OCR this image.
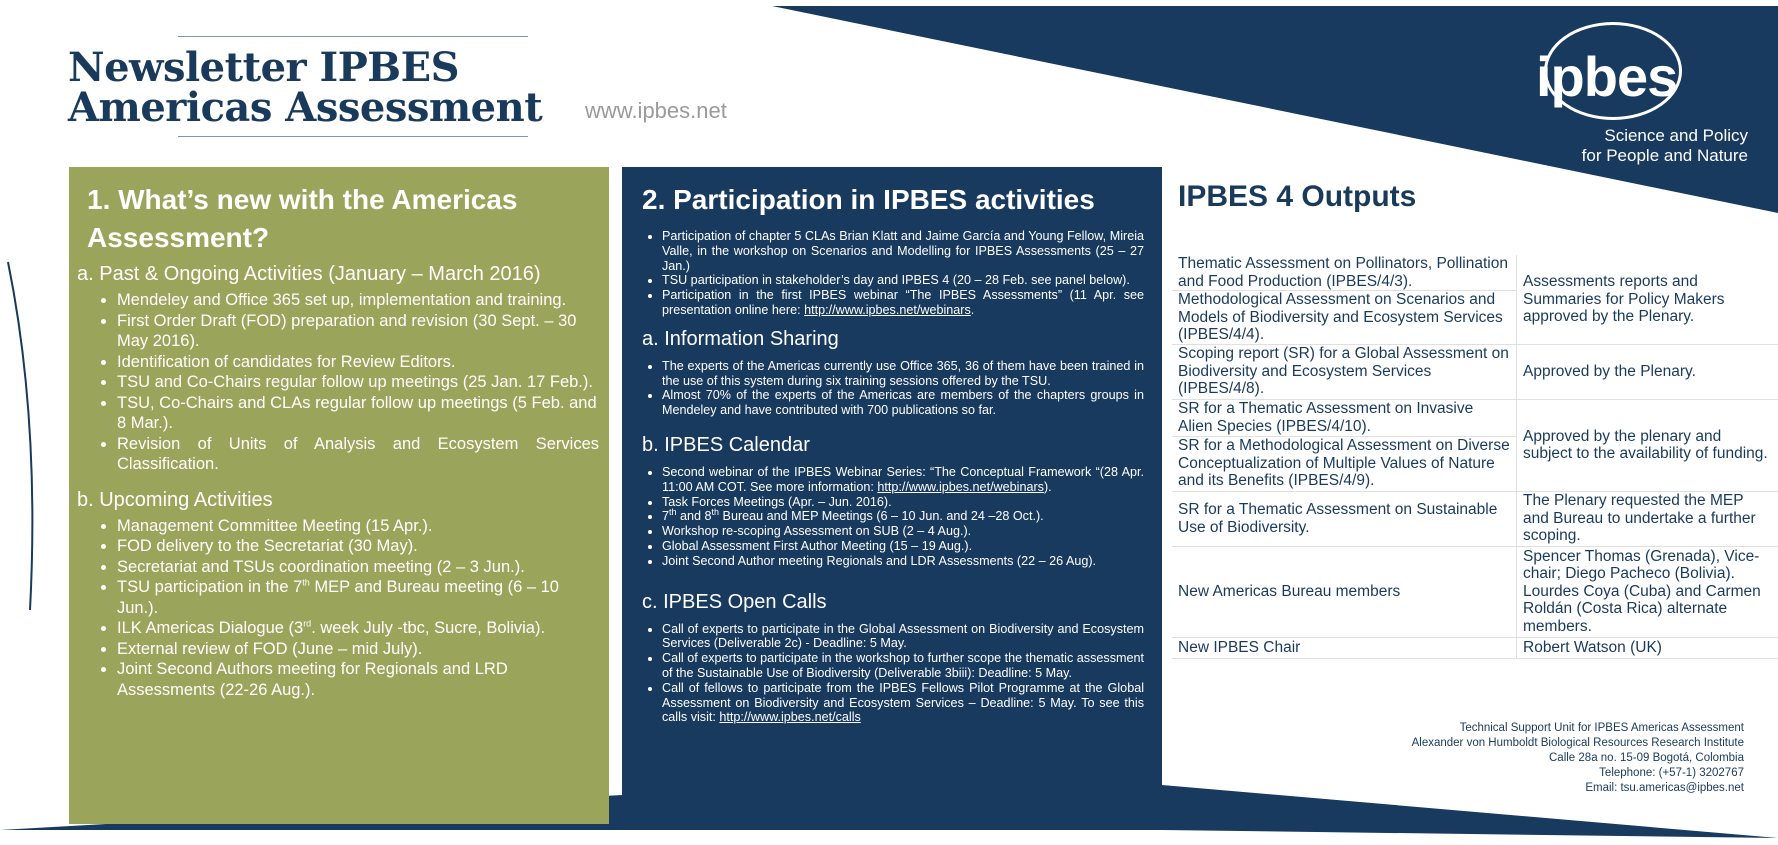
Newsletter IPBES
Americas Assessment www.ipbes.net
ipbes
Science and Policy
for People and Nature
1. What’s new with the Americas Assessment?

a. Past & Ongoing Activities (January – March 2016)

• Mendeley and Office 365 set up, implementation and training.
• First Order Draft (FOD) preparation and revision (30 Sept. – 30 May 2016).
• Identification of candidates for Review Editors.
• TSU and Co-Chairs regular follow up meetings (25 Jan. 17 Feb.).
• TSU, Co-Chairs and CLAs regular follow up meetings (5 Feb. and 8 Mar.).
• Revision of Units of Analysis and Ecosystem Services Classification.

b. Upcoming Activities

• Management Committee Meeting (15 Apr.).
• FOD delivery to the Secretariat (30 May).
• Secretariat and TSUs coordination meeting (2 – 3 Jun.).
• TSU participation in the 7th MEP and Bureau meeting (6 – 10 Jun.).
• ILK Americas Dialogue (3rd. week July -tbc, Sucre, Bolivia).
• External review of FOD (June – mid July).
• Joint Second Authors meeting for Regionals and LRD Assessments (22-26 Aug.).
2. Participation in IPBES activities
• Participation of chapter 5 CLAs Brian Klatt and Jaime García and Young Fellow, Mireia Valle, in the workshop on Scenarios and Modelling for IPBES Assessments (25 – 27 Jan.)
• TSU participation in stakeholder’s day and IPBES 4 (20 – 28 Feb. see panel below).
• Participation in the first IPBES webinar “The IPBES Assessments” (11 Apr. see presentation online here: http://www.ipbes.net/webinars.

a. Information Sharing

• The experts of the Americas currently use Office 365, 36 of them have been trained in the use of this system during six training sessions offered by the TSU.
• Almost 70% of the experts of the Americas are members of the chapters groups in Mendeley and have contributed with 700 publications so far.

b. IPBES Calendar

• Second webinar of the IPBES Webinar Series: “The Conceptual Framework “(28 Apr. 11:00 AM COT. See more information: http://www.ipbes.net/webinars).
• Task Forces Meetings (Apr. – Jun. 2016).
• 7th and 8th Bureau and MEP Meetings (6 – 10 Jun. and 24 –28 Oct.).
• Workshop re-scoping Assessment on SUB (2 – 4 Aug.).
• Global Assessment First Author Meeting (15 – 19 Aug.).
• Joint Second Author meeting Regionals and LDR Assessments (22 – 26 Aug).

c. IPBES Open Calls

• Call of experts to participate in the Global Assessment on Biodiversity and Ecosystem Services (Deliverable 2c) - Deadline: 5 May.
• Call of experts to participate in the workshop to further scope the thematic assessment of the Sustainable Use of Biodiversity (Deliverable 3biii): Deadline: 5 May.
• Call of fellows to participate from the IPBES Fellows Pilot Programme at the Global Assessment on Biodiversity and Ecosystem Services – Deadline: 5 May. To see this calls visit: http://www.ipbes.net/calls
IPBES 4 Outputs
Thematic Assessment on Pollinators, Pollination and Food Production (IPBES/4/3).	Assessments reports and Summaries for Policy Makers approved by the Plenary.
Methodological Assessment on Scenarios and Models of Biodiversity and Ecosystem Services (IPBES/4/4).	
Scoping report (SR) for a Global Assessment on Biodiversity and Ecosystem Services (IPBES/4/8).	Approved by the Plenary.
SR for a Thematic Assessment on Invasive Alien Species (IPBES/4/10).	Approved by the plenary and subject to the availability of funding.
SR for a Methodological Assessment on Diverse Conceptualization of Multiple Values of Nature and its Benefits (IPBES/4/9).	
SR for a Thematic Assessment on Sustainable Use of Biodiversity.	The Plenary requested the MEP and Bureau to undertake a further scoping.
New Americas Bureau members	Spencer Thomas (Grenada), Vice-chair; Diego Pacheco (Bolivia). Lourdes Coya (Cuba) and Carmen Roldán (Costa Rica) alternate members.
New IPBES Chair	Robert Watson (UK)
Technical Support Unit for IPBES Americas Assessment
Alexander von Humboldt Biological Resources Research Institute
Calle 28a no. 15-09 Bogotá, Colombia
Telephone: (+57-1) 3202767
Email: tsu.americas@ipbes.net
